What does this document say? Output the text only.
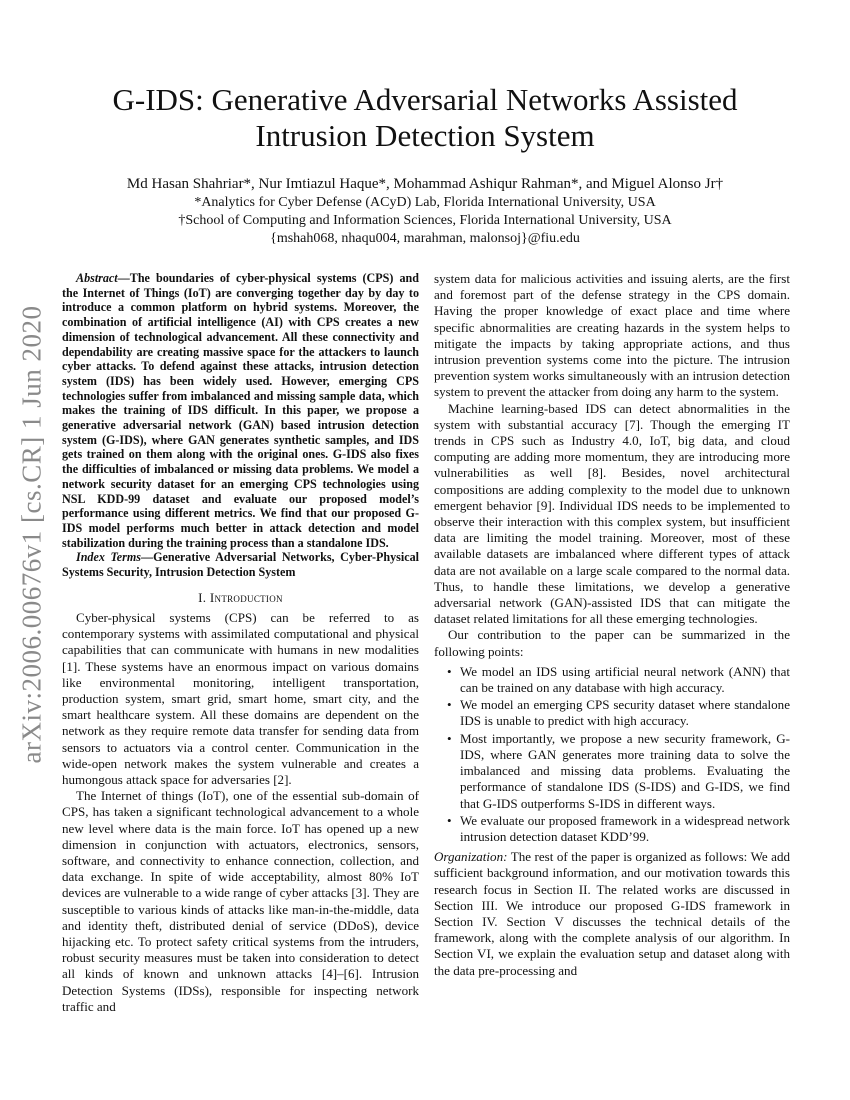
arXiv:2006.00676v1 [cs.CR] 1 Jun 2020
G-IDS: Generative Adversarial Networks Assisted
Intrusion Detection System
Md Hasan Shahriar*, Nur Imtiazul Haque*, Mohammad Ashiqur Rahman*, and Miguel Alonso Jr†
*Analytics for Cyber Defense (ACyD) Lab, Florida International University, USA
†School of Computing and Information Sciences, Florida International University, USA
{mshah068, nhaqu004, marahman, malonsoj}@fiu.edu

Abstract—The boundaries of cyber-physical systems (CPS) and the Internet of Things (IoT) are converging together day by day to introduce a common platform on hybrid systems. Moreover, the combination of artificial intelligence (AI) with CPS creates a new dimension of technological advancement. All these connectivity and dependability are creating massive space for the attackers to launch cyber attacks. To defend against these attacks, intrusion detection system (IDS) has been widely used. However, emerging CPS technologies suffer from imbalanced and missing sample data, which makes the training of IDS difficult. In this paper, we propose a generative adversarial network (GAN) based intrusion detection system (G-IDS), where GAN generates synthetic samples, and IDS gets trained on them along with the original ones. G-IDS also fixes the difficulties of imbalanced or missing data problems. We model a network security dataset for an emerging CPS technologies using NSL KDD-99 dataset and evaluate our proposed model’s performance using different metrics. We find that our proposed G-IDS model performs much better in attack detection and model stabilization during the training process than a standalone IDS.

Index Terms—Generative Adversarial Networks, Cyber-Physical Systems Security, Intrusion Detection System

I. Introduction

Cyber-physical systems (CPS) can be referred to as contemporary systems with assimilated computational and physical capabilities that can communicate with humans in new modalities [1]. These systems have an enormous impact on various domains like environmental monitoring, intelligent transportation, production system, smart grid, smart home, smart city, and the smart healthcare system. All these domains are dependent on the network as they require remote data transfer for sending data from sensors to actuators via a control center. Communication in the wide-open network makes the system vulnerable and creates a humongous attack space for adversaries [2].

The Internet of things (IoT), one of the essential sub-domain of CPS, has taken a significant technological advancement to a whole new level where data is the main force. IoT has opened up a new dimension in conjunction with actuators, electronics, sensors, software, and connectivity to enhance connection, collection, and data exchange. In spite of wide acceptability, almost 80% IoT devices are vulnerable to a wide range of cyber attacks [3]. They are susceptible to various kinds of attacks like man-in-the-middle, data and identity theft, distributed denial of service (DDoS), device hijacking etc. To protect safety critical systems from the intruders, robust security measures must be taken into consideration to detect all kinds of known and unknown attacks [4]–[6]. Intrusion Detection Systems (IDSs), responsible for inspecting network traffic and

system data for malicious activities and issuing alerts, are the first and foremost part of the defense strategy in the CPS domain. Having the proper knowledge of exact place and time where specific abnormalities are creating hazards in the system helps to mitigate the impacts by taking appropriate actions, and thus intrusion prevention systems come into the picture. The intrusion prevention system works simultaneously with an intrusion detection system to prevent the attacker from doing any harm to the system.

Machine learning-based IDS can detect abnormalities in the system with substantial accuracy [7]. Though the emerging IT trends in CPS such as Industry 4.0, IoT, big data, and cloud computing are adding more momentum, they are introducing more vulnerabilities as well [8]. Besides, novel architectural compositions are adding complexity to the model due to unknown emergent behavior [9]. Individual IDS needs to be implemented to observe their interaction with this complex system, but insufficient data are limiting the model training. Moreover, most of these available datasets are imbalanced where different types of attack data are not available on a large scale compared to the normal data. Thus, to handle these limitations, we develop a generative adversarial network (GAN)-assisted IDS that can mitigate the dataset related limitations for all these emerging technologies.

Our contribution to the paper can be summarized in the following points:

• We model an IDS using artificial neural network (ANN) that can be trained on any database with high accuracy.
• We model an emerging CPS security dataset where standalone IDS is unable to predict with high accuracy.
• Most importantly, we propose a new security framework, G-IDS, where GAN generates more training data to solve the imbalanced and missing data problems. Evaluating the performance of standalone IDS (S-IDS) and G-IDS, we find that G-IDS outperforms S-IDS in different ways.
• We evaluate our proposed framework in a widespread network intrusion detection dataset KDD’99.

Organization: The rest of the paper is organized as follows: We add sufficient background information, and our motivation towards this research focus in Section II. The related works are discussed in Section III. We introduce our proposed G-IDS framework in Section IV. Section V discusses the technical details of the framework, along with the complete analysis of our algorithm. In Section VI, we explain the evaluation setup and dataset along with the data pre-processing and
